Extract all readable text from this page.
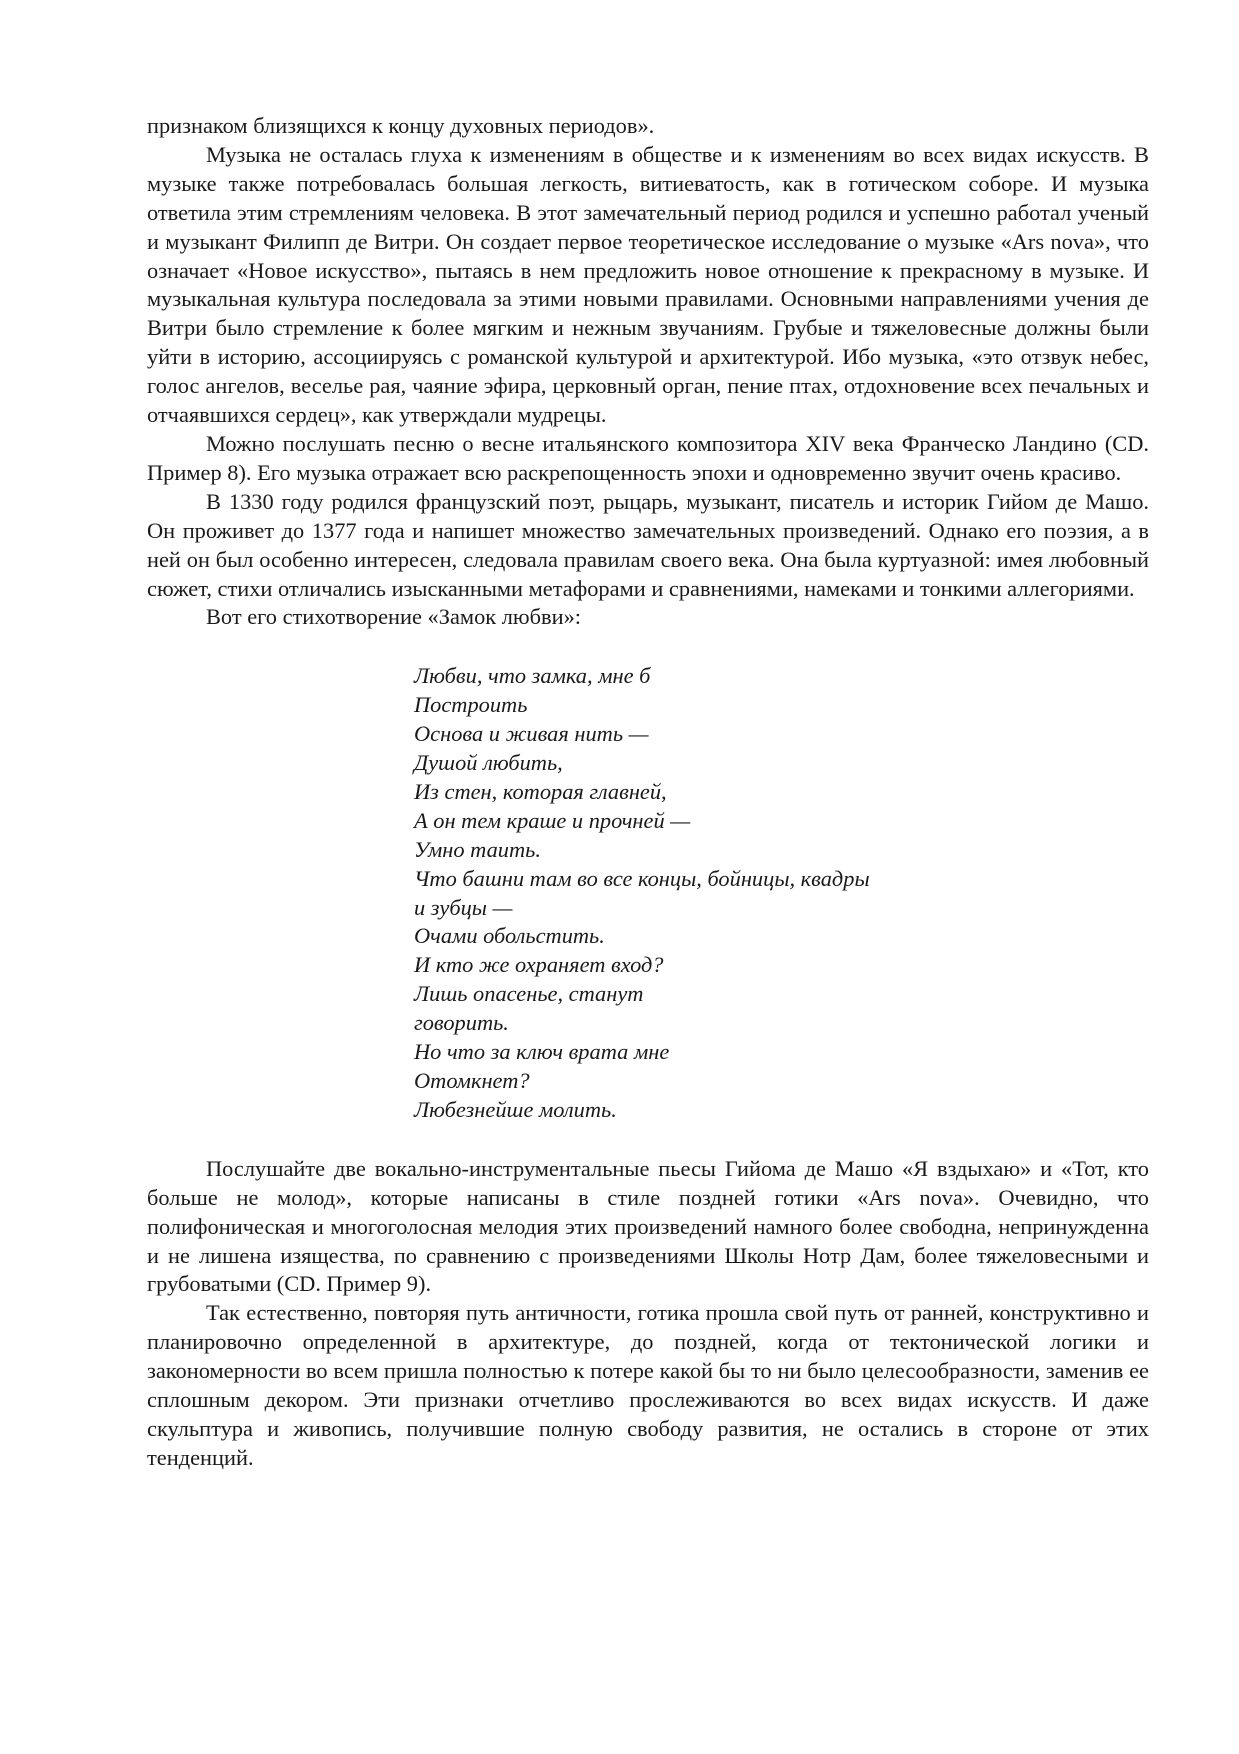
признаком близящихся к концу духовных периодов».

Музыка не осталась глуха к изменениям в обществе и к изменениям во всех видах искусств. В музыке также потребовалась большая легкость, витиеватость, как в готическом соборе. И музыка ответила этим стремлениям человека. В этот замечательный период родился и успешно работал ученый и музыкант Филипп де Витри. Он создает первое теоретическое исследование о музыке «Ars nova», что означает «Новое искусство», пытаясь в нем предложить новое отношение к прекрасному в музыке. И музыкальная культура последовала за этими новыми правилами. Основными направлениями учения де Витри было стремление к более мягким и нежным звучаниям. Грубые и тяжеловесные должны были уйти в историю, ассоциируясь с романской культурой и архитектурой. Ибо музыка, «это отзвук небес, голос ангелов, веселье рая, чаяние эфира, церковный орган, пение птах, отдохновение всех печальных и отчаявшихся сердец», как утверждали мудрецы.

Можно послушать песню о весне итальянского композитора XIV века Франческо Ландино (CD. Пример 8). Его музыка отражает всю раскрепощенность эпохи и одновременно звучит очень красиво.

В 1330 году родился французский поэт, рыцарь, музыкант, писатель и историк Гийом де Машо. Он проживет до 1377 года и напишет множество замечательных произведений. Однако его поэзия, а в ней он был особенно интересен, следовала правилам своего века. Она была куртуазной: имея любовный сюжет, стихи отличались изысканными метафорами и сравнениями, намеками и тонкими аллегориями.

Вот его стихотворение «Замок любви»:

Любви, что замка, мне б
Построить
Основа и живая нить —
Душой любить,
Из стен, которая главней,
А он тем краше и прочней —
Умно таить.
Что башни там во все концы, бойницы, квадры
и зубцы —
Очами обольстить.
И кто же охраняет вход?
Лишь опасенье, станут
говорить.
Но что за ключ врата мне
Отомкнет?
Любезнейше молить.

Послушайте две вокально-инструментальные пьесы Гийома де Машо «Я вздыхаю» и «Тот, кто больше не молод», которые написаны в стиле поздней готики «Ars nova». Очевидно, что полифоническая и многоголосная мелодия этих произведений намного более свободна, непринужденна и не лишена изящества, по сравнению с произведениями Школы Нотр Дам, более тяжеловесными и грубоватыми (CD. Пример 9).

Так естественно, повторяя путь античности, готика прошла свой путь от ранней, конструктивно и планировочно определенной в архитектуре, до поздней, когда от тектонической логики и закономерности во всем пришла полностью к потере какой бы то ни было целесообразности, заменив ее сплошным декором. Эти признаки отчетливо прослеживаются во всех видах искусств. И даже скульптура и живопись, получившие полную свободу развития, не остались в стороне от этих тенденций.
